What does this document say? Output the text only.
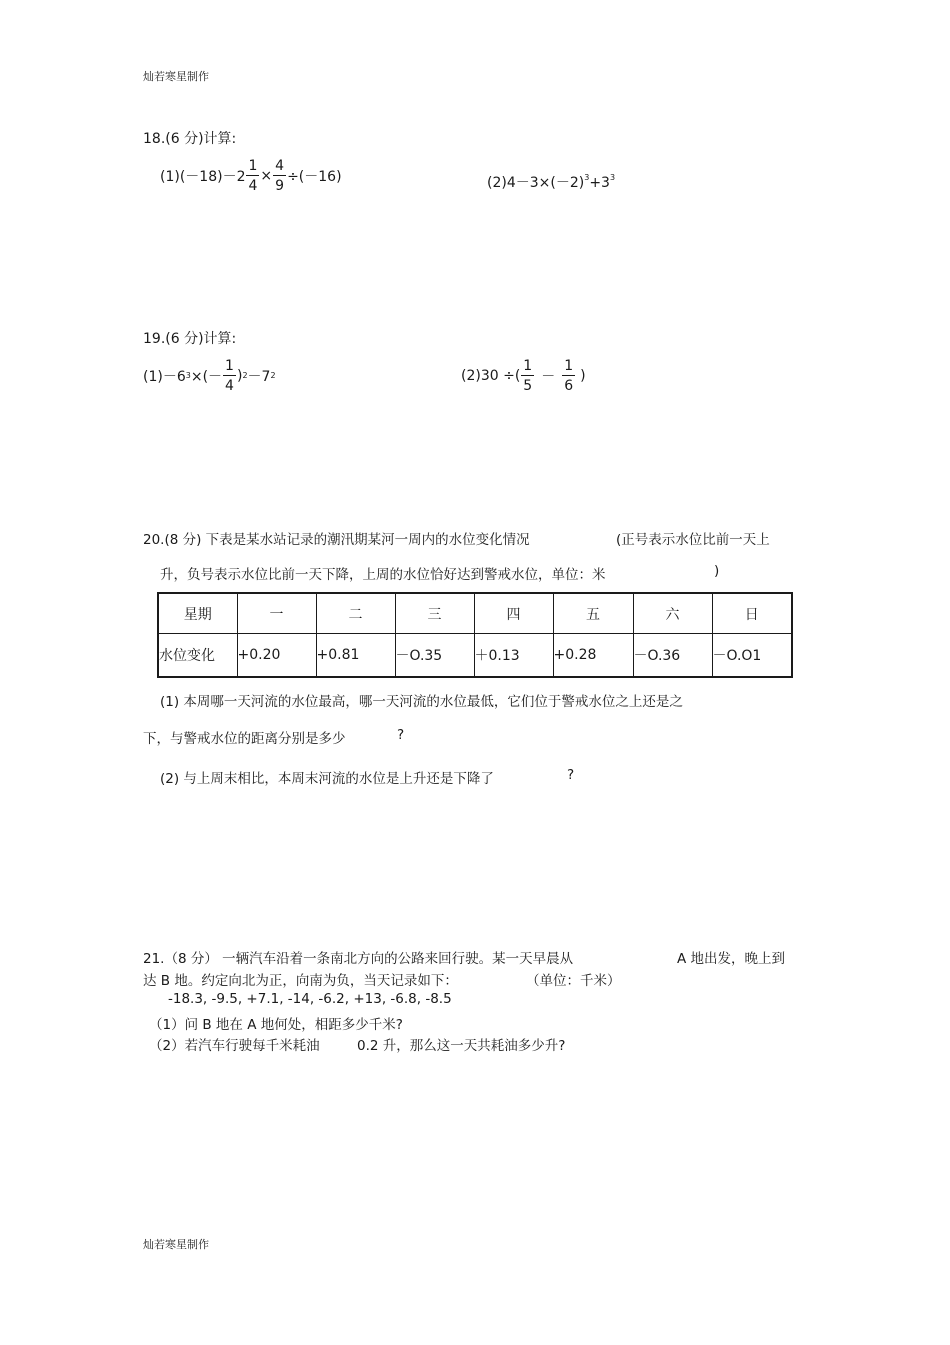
灿若寒星制作
18.(6 分)计算:
$(1)(-18)-2 \frac{1}{4} \times \frac{4}{9} \div(-16)$	$(2)4-3\times(-2)^3+3^3$
19.(6 分)计算:
(1)－6 3 ×(－ $\frac{1}{4}$ ) 2 －7 2	(2)30 ÷( $\frac{1}{5} - \frac{1}{6}$ )
20.(8 分) 下表是某水站记录的潮汛期某河一周内的水位变化情况	(正号表示水位比前一天上
升，负号表示水位比前一天下降，上周的水位恰好达到警戒水位，单位：米	)
星期	一	二	三	四	五	六	日
水位变化	+0.20	+0.81	－O.35	＋0.13	+0.28	－O.36	－O.O1
(1) 本周哪一天河流的水位最高，哪一天河流的水位最低，它们位于警戒水位之上还是之
下，与警戒水位的距离分别是多少	?
(2) 与上周末相比，本周末河流的水位是上升还是下降了	?
21.（8 分） 一辆汽车沿着一条南北方向的公路来回行驶。某一天早晨从	A 地出发，晚上到
达 B 地。约定向北为正，向南为负，当天记录如下：	（单位：千米）
-18.3, -9.5, +7.1, -14, -6.2, +13, -6.8, -8.5
（1）问 B 地在 A 地何处，相距多少千米?
（2）若汽车行驶每千米耗油	0.2 升，那么这一天共耗油多少升?
灿若寒星制作
